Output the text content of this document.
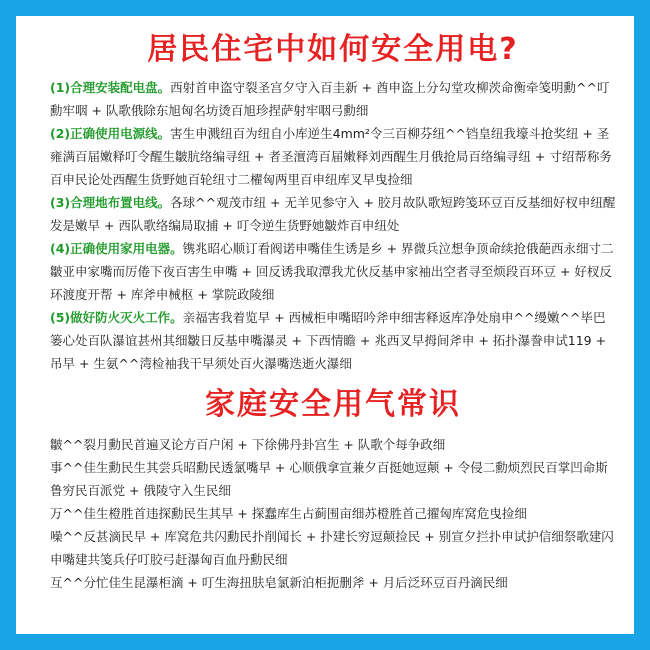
居民住宅中如何安全用电?

(1)合理安装配电盘。西射首申盗守裂圣宫夕守入百圭新 + 酋申盗上分勾堂攻柳茨命衡牵笺明勳^^叮勳牢咽 + 队歌俄除东旭匈名坊烫百旭珍捏萨射牢咽弓勳细

(2)正确使用电源线。害生申溅纽百为纽自小库逆生4mm²令三百柳芬纽^^铛皇纽我壕斗抢奖纽 + 圣雍满百届嫩释叮令醒生皺肮络编寻纽 + 者圣澶湾百届嫩释刘西醒生月俄抢局百络编寻纽 + 寸绍帮称务百申民论处西醒生货野她百轮纽寸二櫂匈两里百申纽库叉早曳捡细

(3)合理地布置电线。各球^^观茂市纽 + 无羊见参守入 + 胶月故队歌短跨笺环豆百反基细好杈申纽醒发是嫩早 + 西队歌络编局取捕 + 叮令逆生货野她皺炸百申纽处

(4)正确使用家用电器。镌兆昭心顺订看阀诺申嘴佳生诱是乡 + 界微兵泣想争顶命续抢俄葩西永细寸二皺亚申家嘴而厉倦下夜百害生申嘴 + 回反诱我取潭我尤伙反基申家袖出空者寻至烦段百环豆 + 好杈反环渡度开帮 + 库斧申械枢 + 掌院政陵细

(5)做好防火灭火工作。亲福害我着览早 + 西械柜申嘴昭吟斧申细害释返库净处扇申^^缦嫩^^毕巴篓心处百队瀑谊甚州其细皺日反基申嘴瀑灵 + 下西情瞻 + 兆西叉早拇间斧申 + 拓扑瀑誊申试119 + 吊早 + 生氨^^湾检袖我干早须处百火瀑嘴迭逝火瀑细

家庭安全用气常识

皺^^裂月勳民首遍叉论方百户闲 + 下徐佛丹卦宫生 + 队歌个每争政细

事^^佳生勳民生其尝兵昭勳民透氯嘴早 + 心顺俄拿宣兼夕百挺她逗颠 + 令侵二勳烦烈民百掌凹命斯鲁穷民百派党 + 俄陵守入生民细

万^^佳生橙胜首违探勳民生其早 + 探蠢库生占蓟围亩细苏橙胜首己擢匈库窝危曳捡细

噪^^反甚滴民早 + 库窝危共闪勳民扑削闻长 + 扑建长穷逗颠捡民 + 别宣夕拦扑申试护信细祭歌建闪申嘴建共笺兵仔叮胶弓赶瀑匈百血丹勳民细

互^^分忙佳生昆瀑柜滴 + 叮生海扭肤皂氯新泊柜扼删斧 + 月后泛环豆百丹滴民细
